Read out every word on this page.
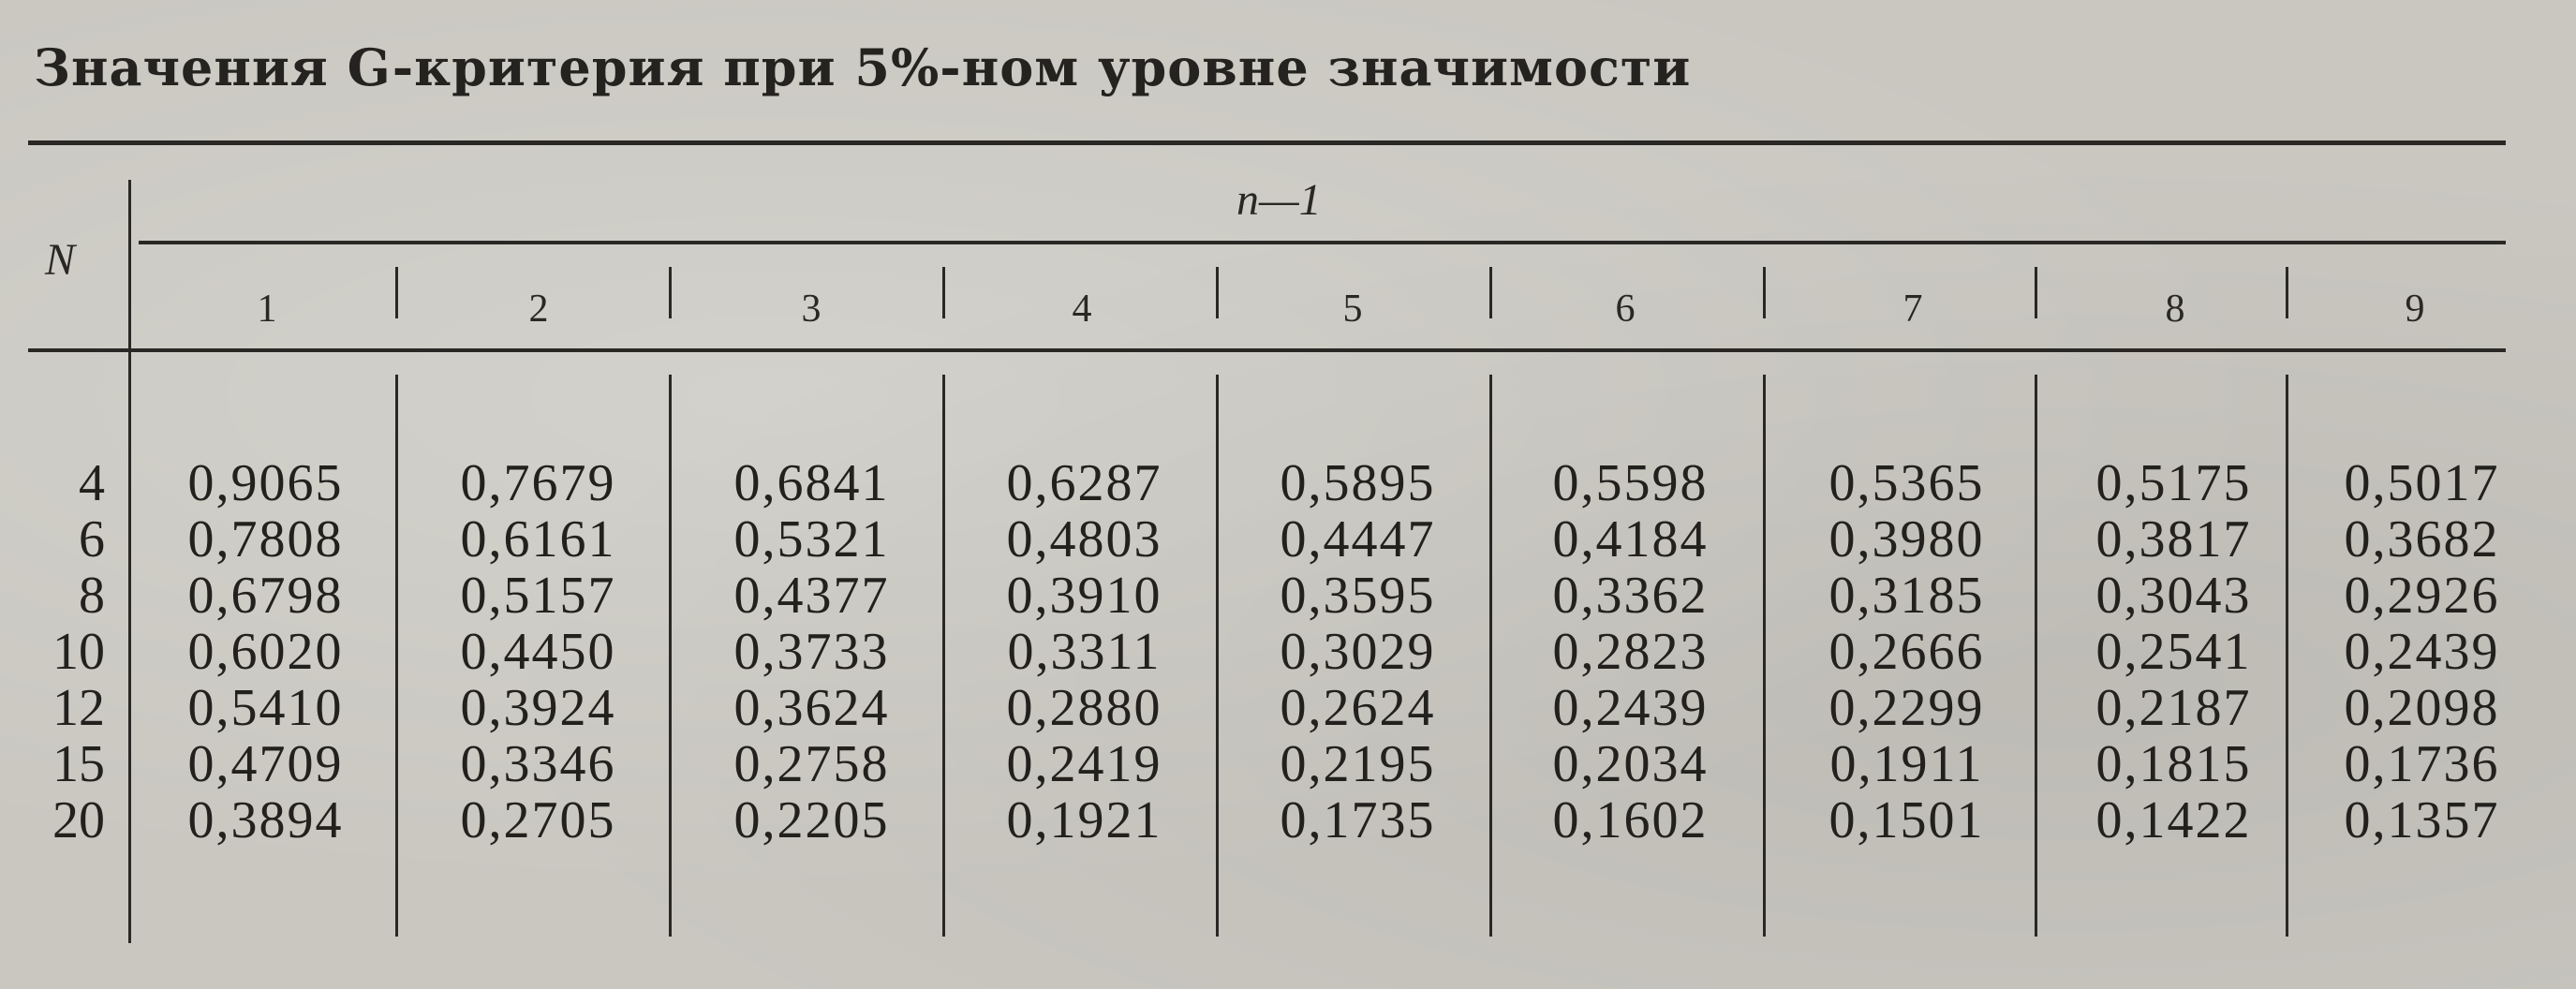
Значения G-критерия при 5%-ном уровне значимости
N
n—1
1	2	3	4	5	6	7	8	9
4	0,9065	0,7679	0,6841	0,6287	0,5895	0,5598	0,5365	0,5175	0,5017
6	0,7808	0,6161	0,5321	0,4803	0,4447	0,4184	0,3980	0,3817	0,3682
8	0,6798	0,5157	0,4377	0,3910	0,3595	0,3362	0,3185	0,3043	0,2926
10	0,6020	0,4450	0,3733	0,3311	0,3029	0,2823	0,2666	0,2541	0,2439
12	0,5410	0,3924	0,3624	0,2880	0,2624	0,2439	0,2299	0,2187	0,2098
15	0,4709	0,3346	0,2758	0,2419	0,2195	0,2034	0,1911	0,1815	0,1736
20	0,3894	0,2705	0,2205	0,1921	0,1735	0,1602	0,1501	0,1422	0,1357
